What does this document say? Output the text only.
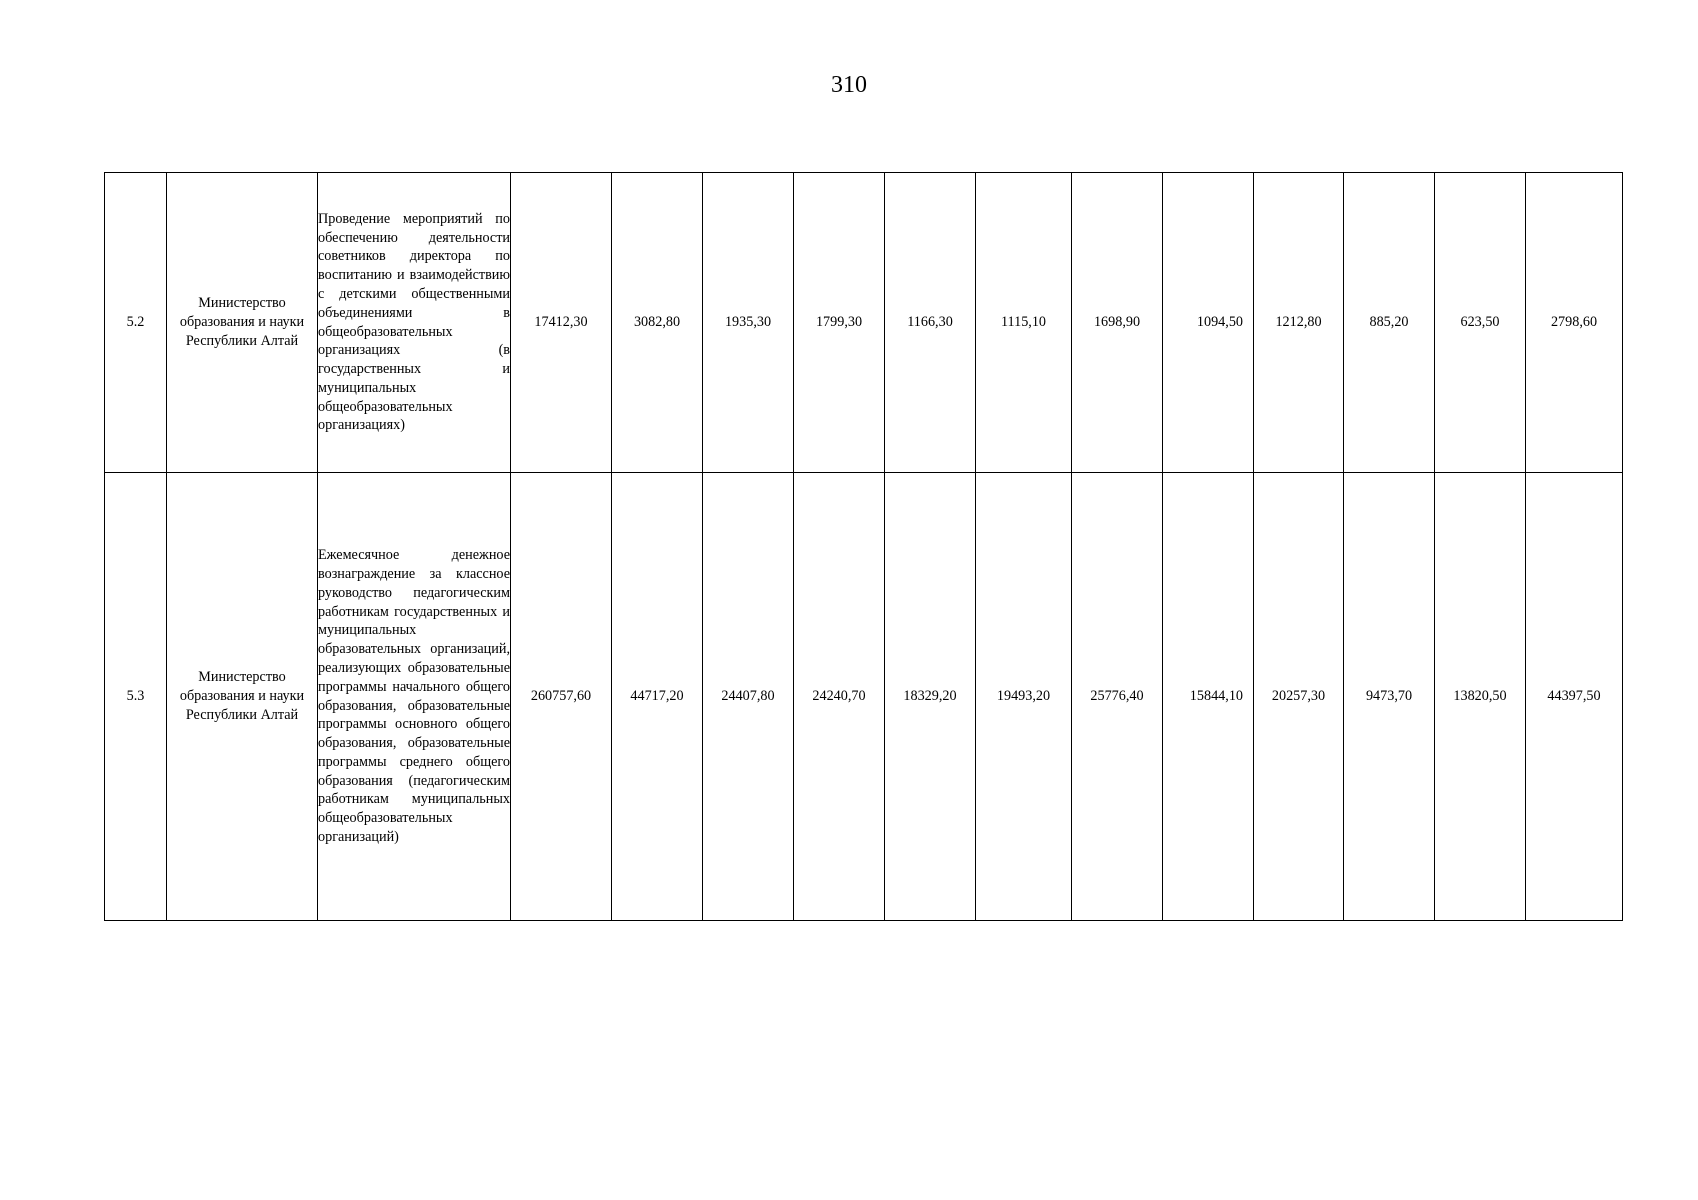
310
5.2	Министерство образования и науки Республики Алтай	Проведение мероприятий по обеспечению деятельности советников директора по воспитанию и взаимодействию с детскими общественными объединениями в общеобразовательных организациях (в государственных и муниципальных общеобразовательных организациях)	17412,30	3082,80	1935,30	1799,30	1166,30	1115,10	1698,90	1094,50	1212,80	885,20	623,50	2798,60
5.3	Министерство образования и науки Республики Алтай	Ежемесячное денежное вознаграждение за классное руководство педагогическим работникам государственных и муниципальных образовательных организаций, реализующих образовательные программы начального общего образования, образовательные программы основного общего образования, образовательные программы среднего общего образования (педагогическим работникам муниципальных общеобразовательных организаций)	260757,60	44717,20	24407,80	24240,70	18329,20	19493,20	25776,40	15844,10	20257,30	9473,70	13820,50	44397,50
